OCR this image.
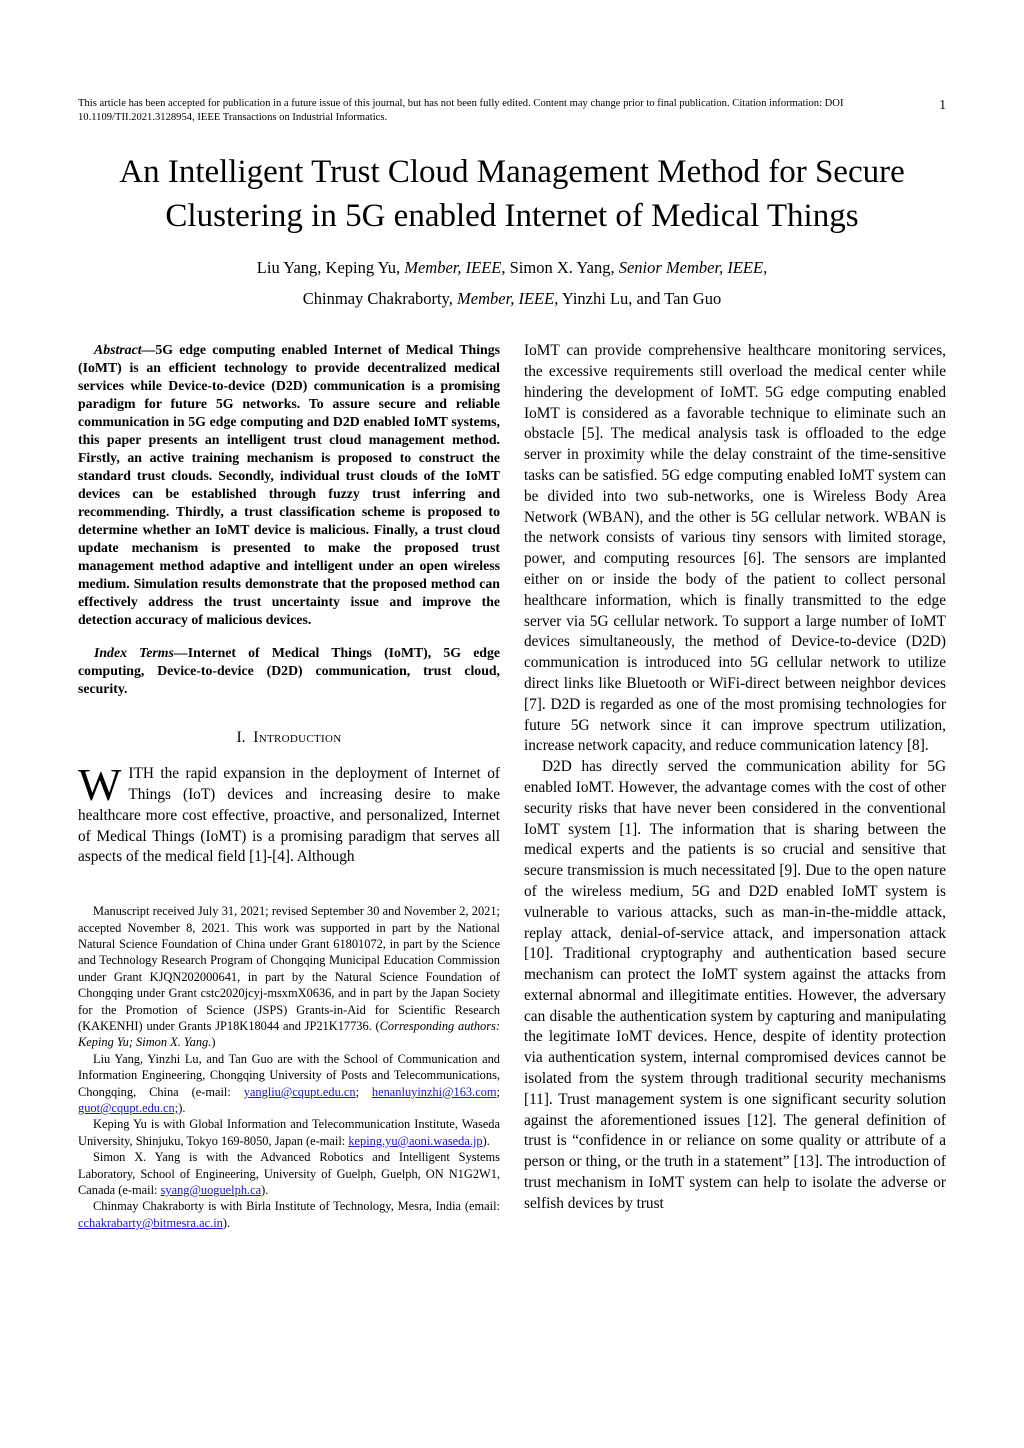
This article has been accepted for publication in a future issue of this journal, but has not been fully edited. Content may change prior to final publication. Citation information: DOI 10.1109/TII.2021.3128954, IEEE Transactions on Industrial Informatics.
1
An Intelligent Trust Cloud Management Method for Secure Clustering in 5G enabled Internet of Medical Things
Liu Yang, Keping Yu, Member, IEEE, Simon X. Yang, Senior Member, IEEE,
Chinmay Chakraborty, Member, IEEE, Yinzhi Lu, and Tan Guo

Abstract—5G edge computing enabled Internet of Medical Things (IoMT) is an efficient technology to provide decentralized medical services while Device-to-device (D2D) communication is a promising paradigm for future 5G networks. To assure secure and reliable communication in 5G edge computing and D2D enabled IoMT systems, this paper presents an intelligent trust cloud management method. Firstly, an active training mechanism is proposed to construct the standard trust clouds. Secondly, individual trust clouds of the IoMT devices can be established through fuzzy trust inferring and recommending. Thirdly, a trust classification scheme is proposed to determine whether an IoMT device is malicious. Finally, a trust cloud update mechanism is presented to make the proposed trust management method adaptive and intelligent under an open wireless medium. Simulation results demonstrate that the proposed method can effectively address the trust uncertainty issue and improve the detection accuracy of malicious devices.

Index Terms—Internet of Medical Things (IoMT), 5G edge computing, Device-to-device (D2D) communication, trust cloud, security.

I. Introduction

WITH the rapid expansion in the deployment of Internet of Things (IoT) devices and increasing desire to make healthcare more cost effective, proactive, and personalized, Internet of Medical Things (IoMT) is a promising paradigm that serves all aspects of the medical field [1]-[4]. Although

Manuscript received July 31, 2021; revised September 30 and November 2, 2021; accepted November 8, 2021. This work was supported in part by the National Natural Science Foundation of China under Grant 61801072, in part by the Science and Technology Research Program of Chongqing Municipal Education Commission under Grant KJQN202000641, in part by the Natural Science Foundation of Chongqing under Grant cstc2020jcyj-msxmX0636, and in part by the Japan Society for the Promotion of Science (JSPS) Grants-in-Aid for Scientific Research (KAKENHI) under Grants JP18K18044 and JP21K17736. (Corresponding authors: Keping Yu; Simon X. Yang.)

Liu Yang, Yinzhi Lu, and Tan Guo are with the School of Communication and Information Engineering, Chongqing University of Posts and Telecommunications, Chongqing, China (e-mail: yangliu@cqupt.edu.cn; henanluyinzhi@163.com; guot@cqupt.edu.cn;).

Keping Yu is with Global Information and Telecommunication Institute, Waseda University, Shinjuku, Tokyo 169-8050, Japan (e-mail: keping.yu@aoni.waseda.jp).

Simon X. Yang is with the Advanced Robotics and Intelligent Systems Laboratory, School of Engineering, University of Guelph, Guelph, ON N1G2W1, Canada (e-mail: syang@uoguelph.ca).

Chinmay Chakraborty is with Birla Institute of Technology, Mesra, India (email: cchakrabarty@bitmesra.ac.in).

IoMT can provide comprehensive healthcare monitoring services, the excessive requirements still overload the medical center while hindering the development of IoMT. 5G edge computing enabled IoMT is considered as a favorable technique to eliminate such an obstacle [5]. The medical analysis task is offloaded to the edge server in proximity while the delay constraint of the time-sensitive tasks can be satisfied. 5G edge computing enabled IoMT system can be divided into two sub-networks, one is Wireless Body Area Network (WBAN), and the other is 5G cellular network. WBAN is the network consists of various tiny sensors with limited storage, power, and computing resources [6]. The sensors are implanted either on or inside the body of the patient to collect personal healthcare information, which is finally transmitted to the edge server via 5G cellular network. To support a large number of IoMT devices simultaneously, the method of Device-to-device (D2D) communication is introduced into 5G cellular network to utilize direct links like Bluetooth or WiFi-direct between neighbor devices [7]. D2D is regarded as one of the most promising technologies for future 5G network since it can improve spectrum utilization, increase network capacity, and reduce communication latency [8].

D2D has directly served the communication ability for 5G enabled IoMT. However, the advantage comes with the cost of other security risks that have never been considered in the conventional IoMT system [1]. The information that is sharing between the medical experts and the patients is so crucial and sensitive that secure transmission is much necessitated [9]. Due to the open nature of the wireless medium, 5G and D2D enabled IoMT system is vulnerable to various attacks, such as man-in-the-middle attack, replay attack, denial-of-service attack, and impersonation attack [10]. Traditional cryptography and authentication based secure mechanism can protect the IoMT system against the attacks from external abnormal and illegitimate entities. However, the adversary can disable the authentication system by capturing and manipulating the legitimate IoMT devices. Hence, despite of identity protection via authentication system, internal compromised devices cannot be isolated from the system through traditional security mechanisms [11]. Trust management system is one significant security solution against the aforementioned issues [12]. The general definition of trust is “confidence in or reliance on some quality or attribute of a person or thing, or the truth in a statement” [13]. The introduction of trust mechanism in IoMT system can help to isolate the adverse or selfish devices by trust
